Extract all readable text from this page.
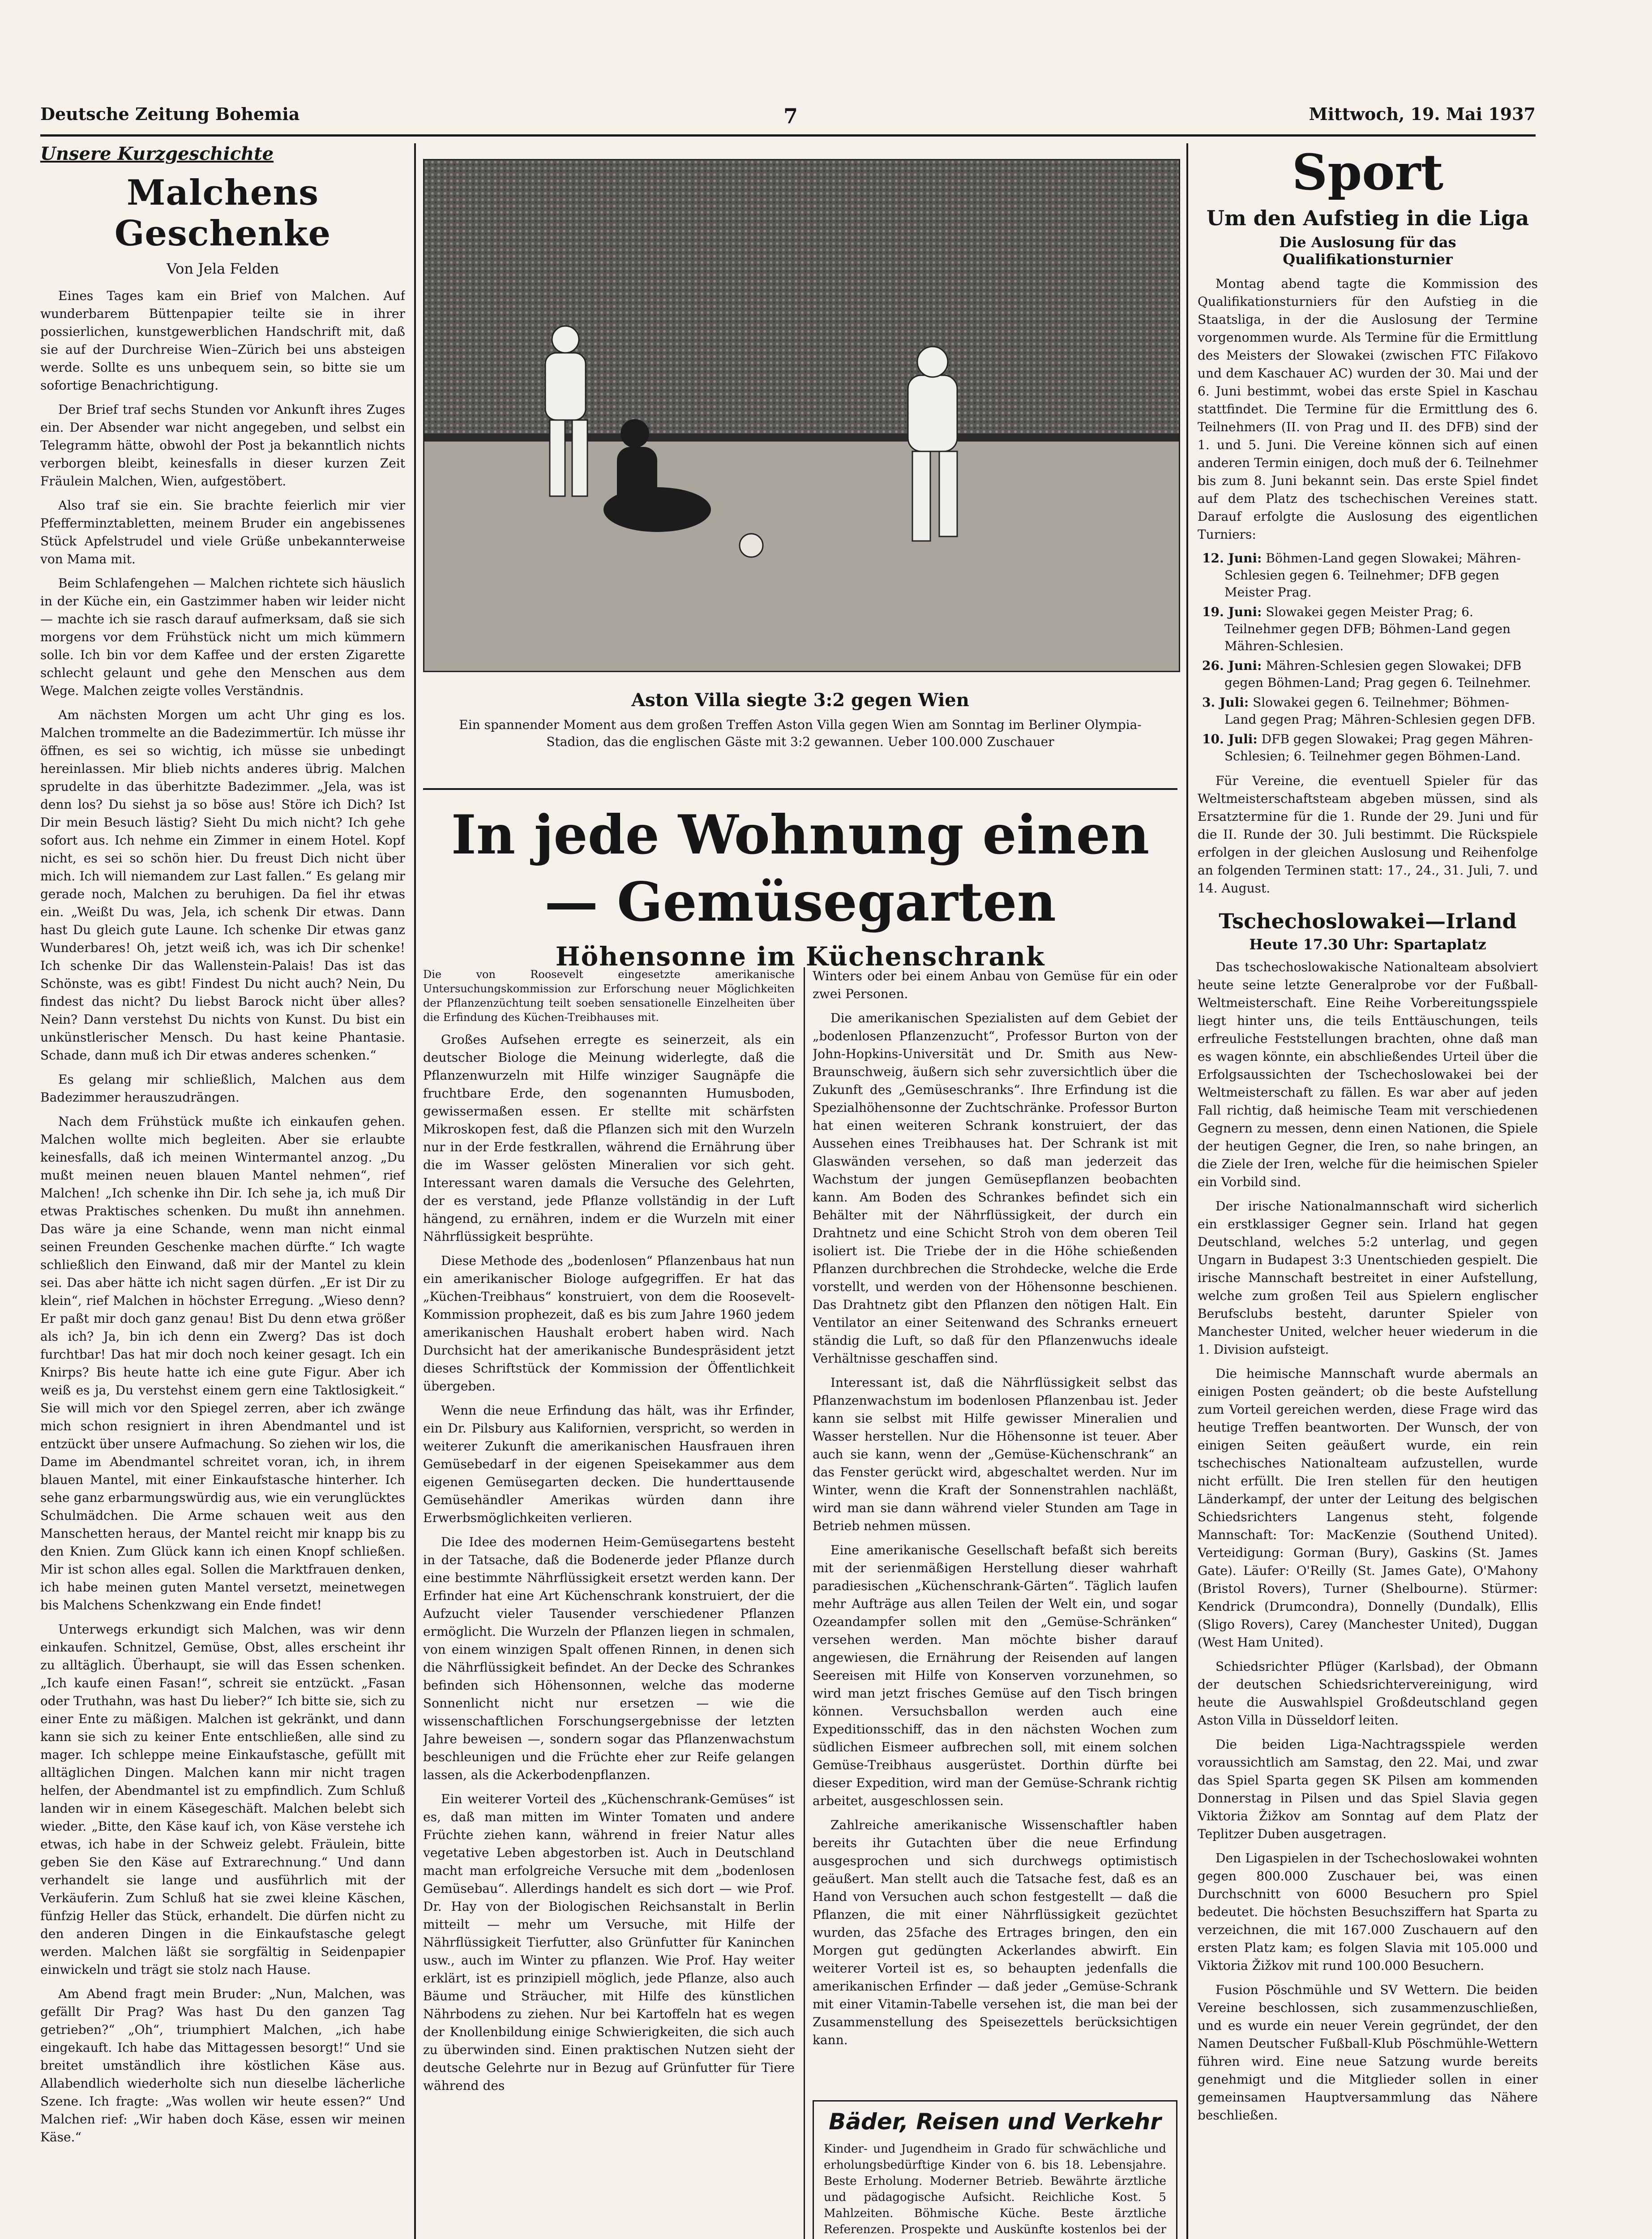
Deutsche Zeitung Bohemia	7	Mittwoch, 19. Mai 1937
Unsere Kurzgeschichte
Malchens Geschenke
Von Jela Felden

Eines Tages kam ein Brief von Malchen. Auf wunderbarem Büttenpapier teilte sie in ihrer possierlichen, kunstgewerblichen Handschrift mit, daß sie auf der Durchreise Wien–Zürich bei uns absteigen werde. Sollte es uns unbequem sein, so bitte sie um sofortige Benachrichtigung.

Der Brief traf sechs Stunden vor Ankunft ihres Zuges ein. Der Absender war nicht angegeben, und selbst ein Telegramm hätte, obwohl der Post ja bekanntlich nichts verborgen bleibt, keinesfalls in dieser kurzen Zeit Fräulein Malchen, Wien, aufgestöbert.

Also traf sie ein. Sie brachte feierlich mir vier Pfefferminztabletten, meinem Bruder ein angebissenes Stück Apfelstrudel und viele Grüße unbekannterweise von Mama mit.

Beim Schlafengehen — Malchen richtete sich häuslich in der Küche ein, ein Gastzimmer haben wir leider nicht — machte ich sie rasch darauf aufmerksam, daß sie sich morgens vor dem Frühstück nicht um mich kümmern solle. Ich bin vor dem Kaffee und der ersten Zigarette schlecht gelaunt und gehe den Menschen aus dem Wege. Malchen zeigte volles Verständnis.

Am nächsten Morgen um acht Uhr ging es los. Malchen trommelte an die Badezimmertür. Ich müsse ihr öffnen, es sei so wichtig, ich müsse sie unbedingt hereinlassen. Mir blieb nichts anderes übrig. Malchen sprudelte in das überhitzte Badezimmer. „Jela, was ist denn los? Du siehst ja so böse aus! Störe ich Dich? Ist Dir mein Besuch lästig? Sieht Du mich nicht? Ich gehe sofort aus. Ich nehme ein Zimmer in einem Hotel. Kopf nicht, es sei so schön hier. Du freust Dich nicht über mich. Ich will niemandem zur Last fallen.“ Es gelang mir gerade noch, Malchen zu beruhigen. Da fiel ihr etwas ein. „Weißt Du was, Jela, ich schenk Dir etwas. Dann hast Du gleich gute Laune. Ich schenke Dir etwas ganz Wunderbares! Oh, jetzt weiß ich, was ich Dir schenke! Ich schenke Dir das Wallenstein-Palais! Das ist das Schönste, was es gibt! Findest Du nicht auch? Nein, Du findest das nicht? Du liebst Barock nicht über alles? Nein? Dann verstehst Du nichts von Kunst. Du bist ein unkünstlerischer Mensch. Du hast keine Phantasie. Schade, dann muß ich Dir etwas anderes schenken.“

Es gelang mir schließlich, Malchen aus dem Badezimmer herauszudrängen.

Nach dem Frühstück mußte ich einkaufen gehen. Malchen wollte mich begleiten. Aber sie erlaubte keinesfalls, daß ich meinen Wintermantel anzog. „Du mußt meinen neuen blauen Mantel nehmen“, rief Malchen! „Ich schenke ihn Dir. Ich sehe ja, ich muß Dir etwas Praktisches schenken. Du mußt ihn annehmen. Das wäre ja eine Schande, wenn man nicht einmal seinen Freunden Geschenke machen dürfte.“ Ich wagte schließlich den Einwand, daß mir der Mantel zu klein sei. Das aber hätte ich nicht sagen dürfen. „Er ist Dir zu klein“, rief Malchen in höchster Erregung. „Wieso denn? Er paßt mir doch ganz genau! Bist Du denn etwa größer als ich? Ja, bin ich denn ein Zwerg? Das ist doch furchtbar! Das hat mir doch noch keiner gesagt. Ich ein Knirps? Bis heute hatte ich eine gute Figur. Aber ich weiß es ja, Du verstehst einem gern eine Taktlosigkeit.“ Sie will mich vor den Spiegel zerren, aber ich zwänge mich schon resigniert in ihren Abendmantel und ist entzückt über unsere Aufmachung. So ziehen wir los, die Dame im Abendmantel schreitet voran, ich, in ihrem blauen Mantel, mit einer Einkaufstasche hinterher. Ich sehe ganz erbarmungswürdig aus, wie ein verunglücktes Schulmädchen. Die Arme schauen weit aus den Manschetten heraus, der Mantel reicht mir knapp bis zu den Knien. Zum Glück kann ich einen Knopf schließen. Mir ist schon alles egal. Sollen die Marktfrauen denken, ich habe meinen guten Mantel versetzt, meinetwegen bis Malchens Schenkzwang ein Ende findet!

Unterwegs erkundigt sich Malchen, was wir denn einkaufen. Schnitzel, Gemüse, Obst, alles erscheint ihr zu alltäglich. Überhaupt, sie will das Essen schenken. „Ich kaufe einen Fasan!“, schreit sie entzückt. „Fasan oder Truthahn, was hast Du lieber?“ Ich bitte sie, sich zu einer Ente zu mäßigen. Malchen ist gekränkt, und dann kann sie sich zu keiner Ente entschließen, alle sind zu mager. Ich schleppe meine Einkaufstasche, gefüllt mit alltäglichen Dingen. Malchen kann mir nicht tragen helfen, der Abendmantel ist zu empfindlich. Zum Schluß landen wir in einem Käsegeschäft. Malchen belebt sich wieder. „Bitte, den Käse kauf ich, von Käse verstehe ich etwas, ich habe in der Schweiz gelebt. Fräulein, bitte geben Sie den Käse auf Extrarechnung.“ Und dann verhandelt sie lange und ausführlich mit der Verkäuferin. Zum Schluß hat sie zwei kleine Käschen, fünfzig Heller das Stück, erhandelt. Die dürfen nicht zu den anderen Dingen in die Einkaufstasche gelegt werden. Malchen läßt sie sorgfältig in Seidenpapier einwickeln und trägt sie stolz nach Hause.

Am Abend fragt mein Bruder: „Nun, Malchen, was gefällt Dir Prag? Was hast Du den ganzen Tag getrieben?“ „Oh“, triumphiert Malchen, „ich habe eingekauft. Ich habe das Mittagessen besorgt!“ Und sie breitet umständlich ihre köstlichen Käse aus. Allabendlich wiederholte sich nun dieselbe lächerliche Szene. Ich fragte: „Was wollen wir heute essen?“ Und Malchen rief: „Wir haben doch Käse, essen wir meinen Käse.“

Aston Villa siegte 3:2 gegen Wien
Ein spannender Moment aus dem großen Treffen Aston Villa gegen Wien am Sonntag im Berliner Olympia-Stadion, das die englischen Gäste mit 3:2 gewannen. Ueber 100.000 Zuschauer
In jede Wohnung einen — Gemüsegarten
Höhensonne im Küchenschrank

Die von Roosevelt eingesetzte amerikanische Untersuchungskommission zur Erforschung neuer Möglichkeiten der Pflanzenzüchtung teilt soeben sensationelle Einzelheiten über die Erfindung des Küchen-Treibhauses mit.

Großes Aufsehen erregte es seinerzeit, als ein deutscher Biologe die Meinung widerlegte, daß die Pflanzenwurzeln mit Hilfe winziger Saugnäpfe die fruchtbare Erde, den sogenannten Humusboden, gewissermaßen essen. Er stellte mit schärfsten Mikroskopen fest, daß die Pflanzen sich mit den Wurzeln nur in der Erde festkrallen, während die Ernährung über die im Wasser gelösten Mineralien vor sich geht. Interessant waren damals die Versuche des Gelehrten, der es verstand, jede Pflanze vollständig in der Luft hängend, zu ernähren, indem er die Wurzeln mit einer Nährflüssigkeit besprühte.

Diese Methode des „bodenlosen“ Pflanzenbaus hat nun ein amerikanischer Biologe aufgegriffen. Er hat das „Küchen-Treibhaus“ konstruiert, von dem die Roosevelt-Kommission prophezeit, daß es bis zum Jahre 1960 jedem amerikanischen Haushalt erobert haben wird. Nach Durchsicht hat der amerikanische Bundespräsident jetzt dieses Schriftstück der Kommission der Öffentlichkeit übergeben.

Wenn die neue Erfindung das hält, was ihr Erfinder, ein Dr. Pilsbury aus Kalifornien, verspricht, so werden in weiterer Zukunft die amerikanischen Hausfrauen ihren Gemüsebedarf in der eigenen Speisekammer aus dem eigenen Gemüsegarten decken. Die hunderttausende Gemüsehändler Amerikas würden dann ihre Erwerbsmöglichkeiten verlieren.

Die Idee des modernen Heim-Gemüsegartens besteht in der Tatsache, daß die Bodenerde jeder Pflanze durch eine bestimmte Nährflüssigkeit ersetzt werden kann. Der Erfinder hat eine Art Küchenschrank konstruiert, der die Aufzucht vieler Tausender verschiedener Pflanzen ermöglicht. Die Wurzeln der Pflanzen liegen in schmalen, von einem winzigen Spalt offenen Rinnen, in denen sich die Nährflüssigkeit befindet. An der Decke des Schrankes befinden sich Höhensonnen, welche das moderne Sonnenlicht nicht nur ersetzen — wie die wissenschaftlichen Forschungsergebnisse der letzten Jahre beweisen —, sondern sogar das Pflanzenwachstum beschleunigen und die Früchte eher zur Reife gelangen lassen, als die Ackerbodenpflanzen.

Ein weiterer Vorteil des „Küchenschrank-Gemüses“ ist es, daß man mitten im Winter Tomaten und andere Früchte ziehen kann, während in freier Natur alles vegetative Leben abgestorben ist. Auch in Deutschland macht man erfolgreiche Versuche mit dem „bodenlosen Gemüsebau“. Allerdings handelt es sich dort — wie Prof. Dr. Hay von der Biologischen Reichsanstalt in Berlin mitteilt — mehr um Versuche, mit Hilfe der Nährflüssigkeit Tierfutter, also Grünfutter für Kaninchen usw., auch im Winter zu pflanzen. Wie Prof. Hay weiter erklärt, ist es prinzipiell möglich, jede Pflanze, also auch Bäume und Sträucher, mit Hilfe des künstlichen Nährbodens zu ziehen. Nur bei Kartoffeln hat es wegen der Knollenbildung einige Schwierigkeiten, die sich auch zu überwinden sind. Einen praktischen Nutzen sieht der deutsche Gelehrte nur in Bezug auf Grünfutter für Tiere während des

Winters oder bei einem Anbau von Gemüse für ein oder zwei Personen.

Die amerikanischen Spezialisten auf dem Gebiet der „bodenlosen Pflanzenzucht“, Professor Burton von der John-Hopkins-Universität und Dr. Smith aus New-Braunschweig, äußern sich sehr zuversichtlich über die Zukunft des „Gemüseschranks“. Ihre Erfindung ist die Spezialhöhensonne der Zuchtschränke. Professor Burton hat einen weiteren Schrank konstruiert, der das Aussehen eines Treibhauses hat. Der Schrank ist mit Glaswänden versehen, so daß man jederzeit das Wachstum der jungen Gemüsepflanzen beobachten kann. Am Boden des Schrankes befindet sich ein Behälter mit der Nährflüssigkeit, der durch ein Drahtnetz und eine Schicht Stroh von dem oberen Teil isoliert ist. Die Triebe der in die Höhe schießenden Pflanzen durchbrechen die Strohdecke, welche die Erde vorstellt, und werden von der Höhensonne beschienen. Das Drahtnetz gibt den Pflanzen den nötigen Halt. Ein Ventilator an einer Seitenwand des Schranks erneuert ständig die Luft, so daß für den Pflanzenwuchs ideale Verhältnisse geschaffen sind.

Interessant ist, daß die Nährflüssigkeit selbst das Pflanzenwachstum im bodenlosen Pflanzenbau ist. Jeder kann sie selbst mit Hilfe gewisser Mineralien und Wasser herstellen. Nur die Höhensonne ist teuer. Aber auch sie kann, wenn der „Gemüse-Küchenschrank“ an das Fenster gerückt wird, abgeschaltet werden. Nur im Winter, wenn die Kraft der Sonnenstrahlen nachläßt, wird man sie dann während vieler Stunden am Tage in Betrieb nehmen müssen.

Eine amerikanische Gesellschaft befaßt sich bereits mit der serienmäßigen Herstellung dieser wahrhaft paradiesischen „Küchenschrank-Gärten“. Täglich laufen mehr Aufträge aus allen Teilen der Welt ein, und sogar Ozeandampfer sollen mit den „Gemüse-Schränken“ versehen werden. Man möchte bisher darauf angewiesen, die Ernährung der Reisenden auf langen Seereisen mit Hilfe von Konserven vorzunehmen, so wird man jetzt frisches Gemüse auf den Tisch bringen können. Versuchsballon werden auch eine Expeditionsschiff, das in den nächsten Wochen zum südlichen Eismeer aufbrechen soll, mit einem solchen Gemüse-Treibhaus ausgerüstet. Dorthin dürfte bei dieser Expedition, wird man der Gemüse-Schrank richtig arbeitet, ausgeschlossen sein.

Zahlreiche amerikanische Wissenschaftler haben bereits ihr Gutachten über die neue Erfindung ausgesprochen und sich durchwegs optimistisch geäußert. Man stellt auch die Tatsache fest, daß es an Hand von Versuchen auch schon festgestellt — daß die Pflanzen, die mit einer Nährflüssigkeit gezüchtet wurden, das 25fache des Ertrages bringen, den ein Morgen gut gedüngten Ackerlandes abwirft. Ein weiterer Vorteil ist es, so behaupten jedenfalls die amerikanischen Erfinder — daß jeder „Gemüse-Schrank mit einer Vitamin-Tabelle versehen ist, die man bei der Zusammenstellung des Speisezettels berücksichtigen kann.

Bäder, Reisen und Verkehr

Kinder- und Jugendheim in Grado für schwächliche und erholungsbedürftige Kinder von 6. bis 18. Lebensjahre. Beste Erholung. Moderner Betrieb. Bewährte ärztliche und pädagogische Aufsicht. Reichliche Kost. 5 Mahlzeiten. Böhmische Küche. Beste ärztliche Referenzen. Prospekte und Auskünfte kostenlos bei der

Sport
Um den Aufstieg in die Liga
Die Auslosung für das Qualifikationsturnier

Montag abend tagte die Kommission des Qualifikationsturniers für den Aufstieg in die Staatsliga, in der die Auslosung der Termine vorgenommen wurde. Als Termine für die Ermittlung des Meisters der Slowakei (zwischen FTC Fiľakovo und dem Kaschauer AC) wurden der 30. Mai und der 6. Juni bestimmt, wobei das erste Spiel in Kaschau stattfindet. Die Termine für die Ermittlung des 6. Teilnehmers (II. von Prag und II. des DFB) sind der 1. und 5. Juni. Die Vereine können sich auf einen anderen Termin einigen, doch muß der 6. Teilnehmer bis zum 8. Juni bekannt sein. Das erste Spiel findet auf dem Platz des tschechischen Vereines statt. Darauf erfolgte die Auslosung des eigentlichen Turniers:

12. Juni: Böhmen-Land gegen Slowakei; Mähren-Schlesien gegen 6. Teilnehmer; DFB gegen Meister Prag.
19. Juni: Slowakei gegen Meister Prag; 6. Teilnehmer gegen DFB; Böhmen-Land gegen Mähren-Schlesien.
26. Juni: Mähren-Schlesien gegen Slowakei; DFB gegen Böhmen-Land; Prag gegen 6. Teilnehmer.
3. Juli: Slowakei gegen 6. Teilnehmer; Böhmen-Land gegen Prag; Mähren-Schlesien gegen DFB.
10. Juli: DFB gegen Slowakei; Prag gegen Mähren-Schlesien; 6. Teilnehmer gegen Böhmen-Land.

Für Vereine, die eventuell Spieler für das Weltmeisterschaftsteam abgeben müssen, sind als Ersatztermine für die 1. Runde der 29. Juni und für die II. Runde der 30. Juli bestimmt. Die Rückspiele erfolgen in der gleichen Auslosung und Reihenfolge an folgenden Terminen statt: 17., 24., 31. Juli, 7. und 14. August.

Tschechoslowakei—Irland
Heute 17.30 Uhr: Spartaplatz

Das tschechoslowakische Nationalteam absolviert heute seine letzte Generalprobe vor der Fußball-Weltmeisterschaft. Eine Reihe Vorbereitungsspiele liegt hinter uns, die teils Enttäuschungen, teils erfreuliche Feststellungen brachten, ohne daß man es wagen könnte, ein abschließendes Urteil über die Erfolgsaussichten der Tschechoslowakei bei der Weltmeisterschaft zu fällen. Es war aber auf jeden Fall richtig, daß heimische Team mit verschiedenen Gegnern zu messen, denn einen Nationen, die Spiele der heutigen Gegner, die Iren, so nahe bringen, an die Ziele der Iren, welche für die heimischen Spieler ein Vorbild sind.

Der irische Nationalmannschaft wird sicherlich ein erstklassiger Gegner sein. Irland hat gegen Deutschland, welches 5:2 unterlag, und gegen Ungarn in Budapest 3:3 Unentschieden gespielt. Die irische Mannschaft bestreitet in einer Aufstellung, welche zum großen Teil aus Spielern englischer Berufsclubs besteht, darunter Spieler von Manchester United, welcher heuer wiederum in die 1. Division aufsteigt.

Die heimische Mannschaft wurde abermals an einigen Posten geändert; ob die beste Aufstellung zum Vorteil gereichen werden, diese Frage wird das heutige Treffen beantworten. Der Wunsch, der von einigen Seiten geäußert wurde, ein rein tschechisches Nationalteam aufzustellen, wurde nicht erfüllt. Die Iren stellen für den heutigen Länderkampf, der unter der Leitung des belgischen Schiedsrichters Langenus steht, folgende Mannschaft: Tor: MacKenzie (Southend United). Verteidigung: Gorman (Bury), Gaskins (St. James Gate). Läufer: O'Reilly (St. James Gate), O'Mahony (Bristol Rovers), Turner (Shelbourne). Stürmer: Kendrick (Drumcondra), Donnelly (Dundalk), Ellis (Sligo Rovers), Carey (Manchester United), Duggan (West Ham United).

Schiedsrichter Pflüger (Karlsbad), der Obmann der deutschen Schiedsrichtervereinigung, wird heute die Auswahlspiel Großdeutschland gegen Aston Villa in Düsseldorf leiten.

Die beiden Liga-Nachtragsspiele werden voraussichtlich am Samstag, den 22. Mai, und zwar das Spiel Sparta gegen SK Pilsen am kommenden Donnerstag in Pilsen und das Spiel Slavia gegen Viktoria Žižkov am Sonntag auf dem Platz der Teplitzer Duben ausgetragen.

Den Ligaspielen in der Tschechoslowakei wohnten gegen 800.000 Zuschauer bei, was einen Durchschnitt von 6000 Besuchern pro Spiel bedeutet. Die höchsten Besuchsziffern hat Sparta zu verzeichnen, die mit 167.000 Zuschauern auf den ersten Platz kam; es folgen Slavia mit 105.000 und Viktoria Žižkov mit rund 100.000 Besuchern.

Fusion Pöschmühle und SV Wettern. Die beiden Vereine beschlossen, sich zusammenzuschließen, und es wurde ein neuer Verein gegründet, der den Namen Deutscher Fußball-Klub Pöschmühle-Wettern führen wird. Eine neue Satzung wurde bereits genehmigt und die Mitglieder sollen in einer gemeinsamen Hauptversammlung das Nähere beschließen.
